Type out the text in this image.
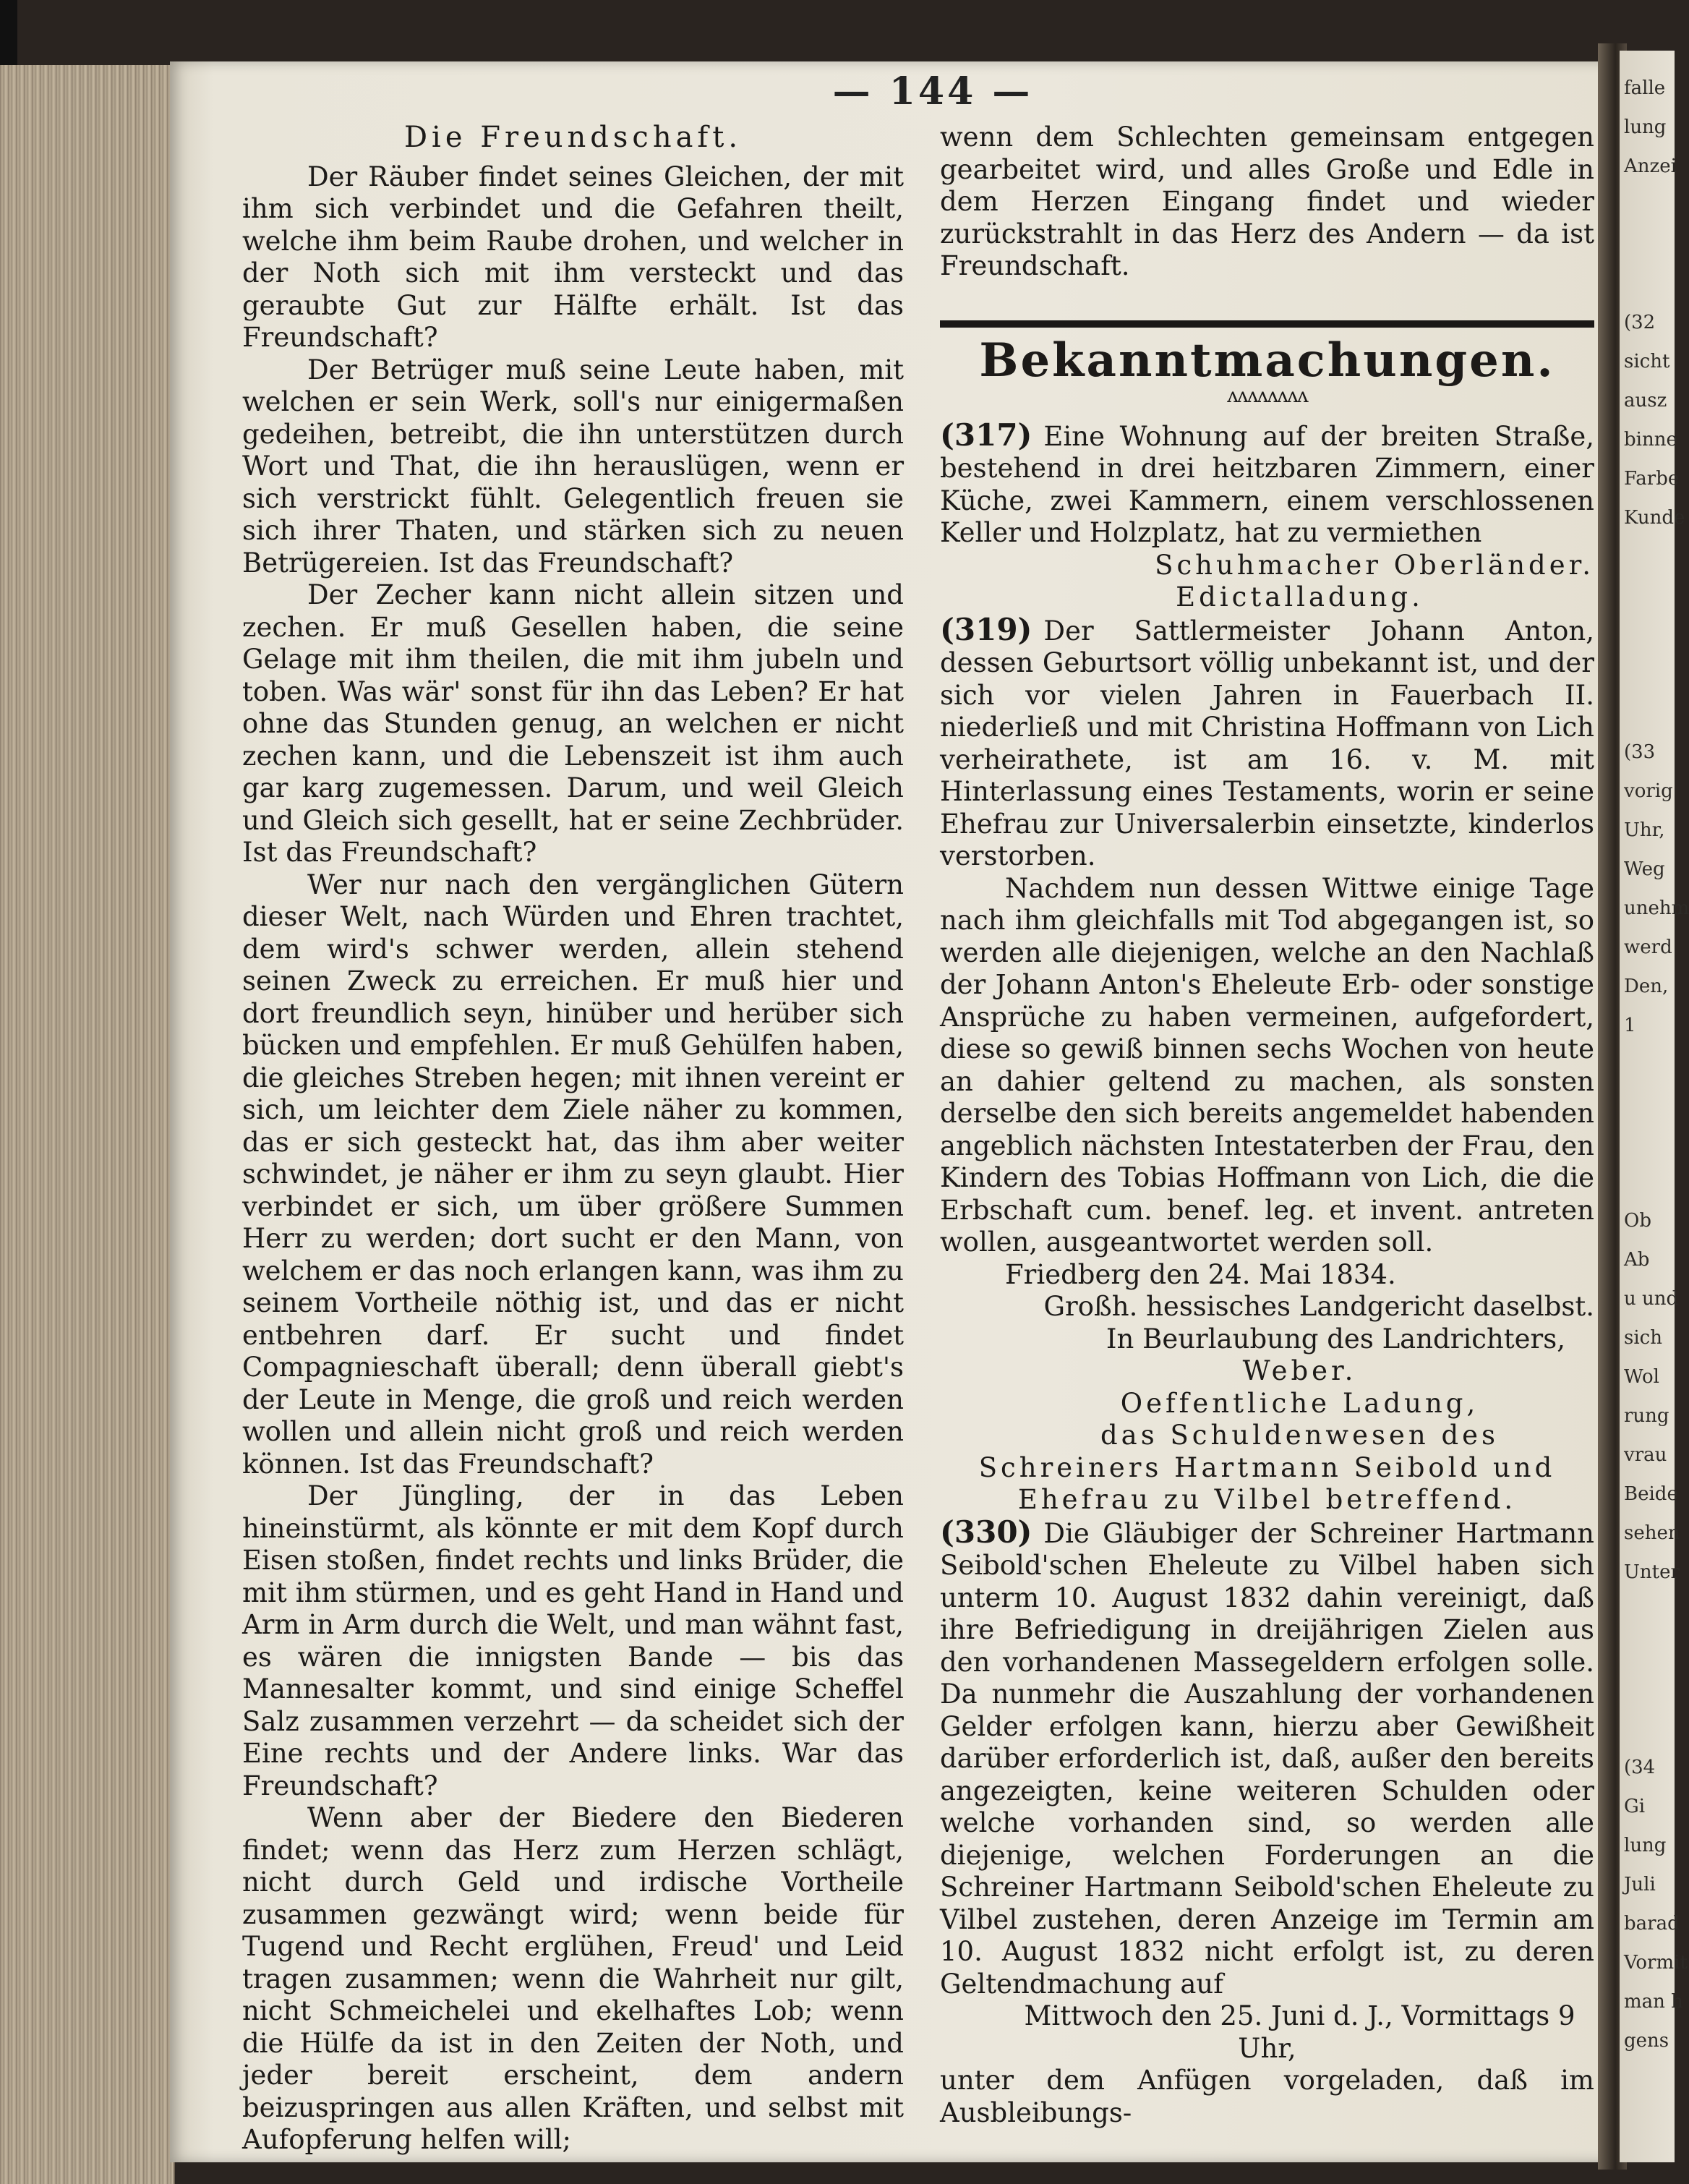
— 144 —
Die Freundschaft.

Der Räuber findet seines Gleichen, der mit ihm sich verbindet und die Gefahren theilt, welche ihm beim Raube drohen, und welcher in der Noth sich mit ihm versteckt und das geraubte Gut zur Hälfte erhält. Ist das Freundschaft?

Der Betrüger muß seine Leute haben, mit welchen er sein Werk, soll's nur einigermaßen gedeihen, betreibt, die ihn unterstützen durch Wort und That, die ihn herauslügen, wenn er sich verstrickt fühlt. Gelegentlich freuen sie sich ihrer Thaten, und stärken sich zu neuen Betrügereien. Ist das Freundschaft?

Der Zecher kann nicht allein sitzen und zechen. Er muß Gesellen haben, die seine Gelage mit ihm theilen, die mit ihm jubeln und toben. Was wär' sonst für ihn das Leben? Er hat ohne das Stunden genug, an welchen er nicht zechen kann, und die Lebenszeit ist ihm auch gar karg zugemessen. Darum, und weil Gleich und Gleich sich gesellt, hat er seine Zechbrüder. Ist das Freundschaft?

Wer nur nach den vergänglichen Gütern dieser Welt, nach Würden und Ehren trachtet, dem wird's schwer werden, allein stehend seinen Zweck zu erreichen. Er muß hier und dort freundlich seyn, hinüber und herüber sich bücken und empfehlen. Er muß Gehülfen haben, die gleiches Streben hegen; mit ihnen vereint er sich, um leichter dem Ziele näher zu kommen, das er sich gesteckt hat, das ihm aber weiter schwindet, je näher er ihm zu seyn glaubt. Hier verbindet er sich, um über größere Summen Herr zu werden; dort sucht er den Mann, von welchem er das noch erlangen kann, was ihm zu seinem Vortheile nöthig ist, und das er nicht entbehren darf. Er sucht und findet Compagnieschaft überall; denn überall giebt's der Leute in Menge, die groß und reich werden wollen und allein nicht groß und reich werden können. Ist das Freundschaft?

Der Jüngling, der in das Leben hineinstürmt, als könnte er mit dem Kopf durch Eisen stoßen, findet rechts und links Brüder, die mit ihm stürmen, und es geht Hand in Hand und Arm in Arm durch die Welt, und man wähnt fast, es wären die innigsten Bande — bis das Mannesalter kommt, und sind einige Scheffel Salz zusammen verzehrt — da scheidet sich der Eine rechts und der Andere links. War das Freundschaft?

Wenn aber der Biedere den Biederen findet; wenn das Herz zum Herzen schlägt, nicht durch Geld und irdische Vortheile zusammen gezwängt wird; wenn beide für Tugend und Recht erglühen, Freud' und Leid tragen zusammen; wenn die Wahrheit nur gilt, nicht Schmeichelei und ekelhaftes Lob; wenn die Hülfe da ist in den Zeiten der Noth, und jeder bereit erscheint, dem andern beizuspringen aus allen Kräften, und selbst mit Aufopferung helfen will;

wenn dem Schlechten gemeinsam entgegen gearbeitet wird, und alles Große und Edle in dem Herzen Eingang findet und wieder zurückstrahlt in das Herz des Andern — da ist Freundschaft.

Bekanntmachungen.
ʌʌʌʌʌʌʌʌ

(317) Eine Wohnung auf der breiten Straße, bestehend in drei heitzbaren Zimmern, einer Küche, zwei Kammern, einem verschlossenen Keller und Holzplatz, hat zu vermiethen

Schuhmacher Oberländer.

Edictalladung.

(319) Der Sattlermeister Johann Anton, dessen Geburtsort völlig unbekannt ist, und der sich vor vielen Jahren in Fauerbach II. niederließ und mit Christina Hoffmann von Lich verheirathete, ist am 16. v. M. mit Hinterlassung eines Testaments, worin er seine Ehefrau zur Universalerbin einsetzte, kinderlos verstorben.

Nachdem nun dessen Wittwe einige Tage nach ihm gleichfalls mit Tod abgegangen ist, so werden alle diejenigen, welche an den Nachlaß der Johann Anton's Eheleute Erb- oder sonstige Ansprüche zu haben vermeinen, aufgefordert, diese so gewiß binnen sechs Wochen von heute an dahier geltend zu machen, als sonsten derselbe den sich bereits angemeldet habenden angeblich nächsten Intestaterben der Frau, den Kindern des Tobias Hoffmann von Lich, die die Erbschaft cum. benef. leg. et invent. antreten wollen, ausgeantwortet werden soll.

Friedberg den 24. Mai 1834.

Großh. hessisches Landgericht daselbst.

In Beurlaubung des Landrichters,

Weber.

Oeffentliche Ladung,

das Schuldenwesen des Schreiners Hartmann Seibold und Ehefrau zu Vilbel betreffend.

(330) Die Gläubiger der Schreiner Hartmann Seibold'schen Eheleute zu Vilbel haben sich unterm 10. August 1832 dahin vereinigt, daß ihre Befriedigung in dreijährigen Zielen aus den vorhandenen Massegeldern erfolgen solle. Da nunmehr die Auszahlung der vorhandenen Gelder erfolgen kann, hierzu aber Gewißheit darüber erforderlich ist, daß, außer den bereits angezeigten, keine weiteren Schulden oder welche vorhanden sind, so werden alle diejenige, welchen Forderungen an die Schreiner Hartmann Seibold'schen Eheleute zu Vilbel zustehen, deren Anzeige im Termin am 10. August 1832 nicht erfolgt ist, zu deren Geltendmachung auf

Mittwoch den 25. Juni d. J., Vormittags 9 Uhr,

unter dem Anfügen vorgeladen, daß im Ausbleibungs-

falle
lung
Anzei
(32
sicht
ausz
binne
Farbe
Kunde
(33
vorig
Uhr,
Weg
unehm
werd
Den,
1
Ob
Ab
u und
sich
Wol
rung
vrau
Beide
sehen
Unter
(34
Gi
lung
Juli
barad
Vormit
man h
gens
